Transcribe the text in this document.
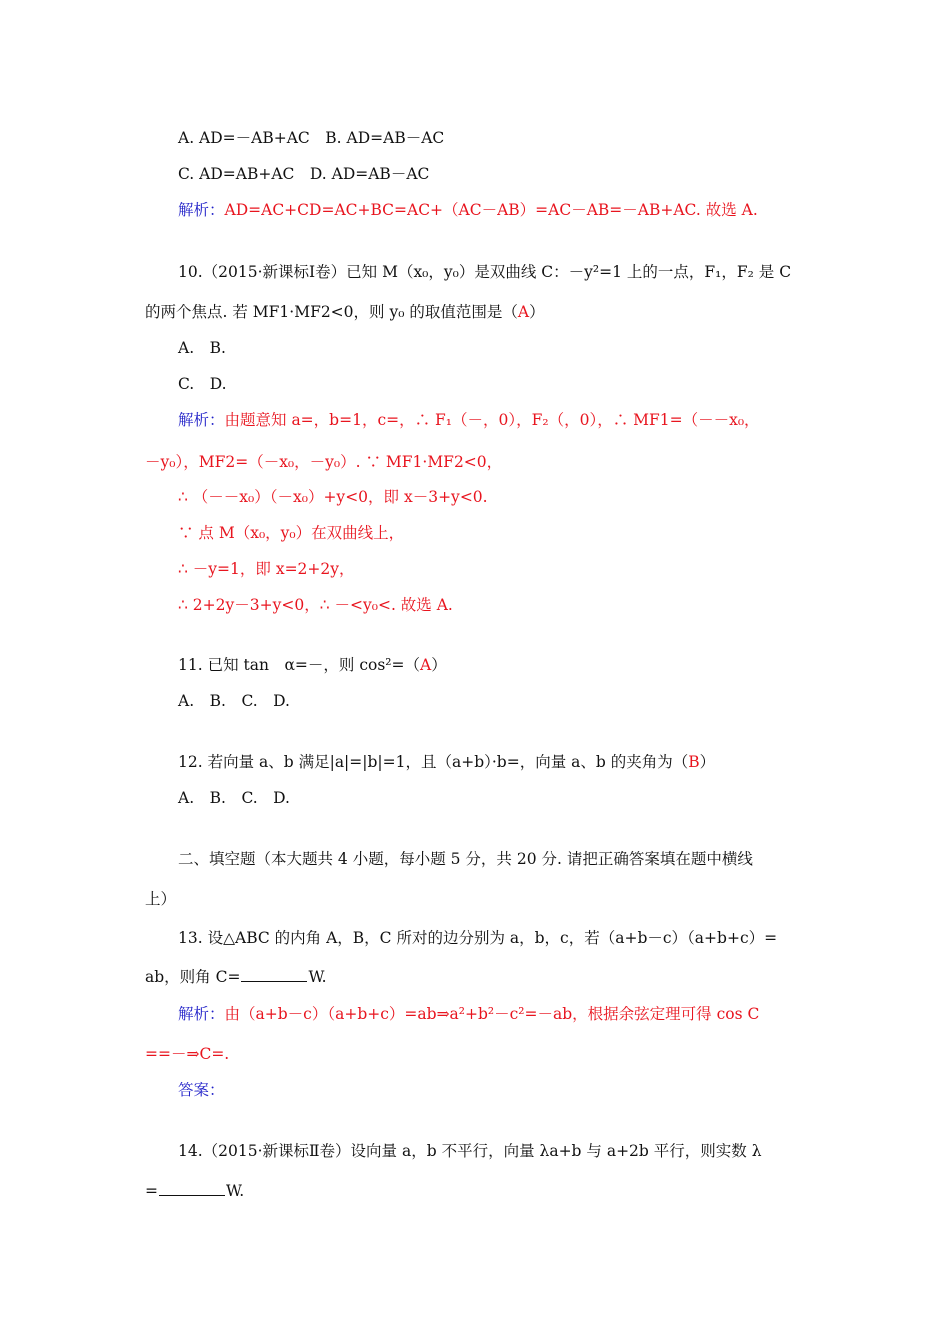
A. AD=－AB+AC　B. AD=AB－AC
C. AD=AB+AC　D. AD=AB－AC
解析：AD=AC+CD=AC+BC=AC+（AC－AB）=AC－AB=－AB+AC. 故选 A.
10.（2015·新课标Ⅰ卷）已知 M（x₀，y₀）是双曲线 C：－y²=1 上的一点，F₁，F₂ 是 C
的两个焦点. 若 MF1·MF2<0，则 y₀ 的取值范围是（A）
A.　B.
C.　D.
解析：由题意知 a=，b=1，c=，∴ F₁（－，0），F₂（，0），∴ MF1=（－－x₀，
－y₀），MF2=（－x₀，－y₀）. ∵ MF1·MF2<0，
∴ （－－x₀）（－x₀）+y<0，即 x－3+y<0.
∵ 点 M（x₀，y₀）在双曲线上，
∴ －y=1，即 x=2+2y，
∴ 2+2y－3+y<0，∴ －<y₀<. 故选 A.
11. 已知 tan　α=－，则 cos²=（A）
A.　B.　C.　D.
12. 若向量 a、b 满足|a|=|b|=1，且（a+b）·b=，向量 a、b 的夹角为（B）
A.　B.　C.　D.
二、填空题（本大题共 4 小题，每小题 5 分，共 20 分. 请把正确答案填在题中横线
上）
13. 设△ABC 的内角 A，B，C 所对的边分别为 a，b，c，若（a+b－c）（a+b+c）=
ab，则角 C=	W.
解析：由（a+b－c）（a+b+c）=ab⇒a²+b²－c²=－ab，根据余弦定理可得 cos C
==－⇒C=.
答案：
14.（2015·新课标Ⅱ卷）设向量 a，b 不平行，向量 λa+b 与 a+2b 平行，则实数 λ
=	W.
